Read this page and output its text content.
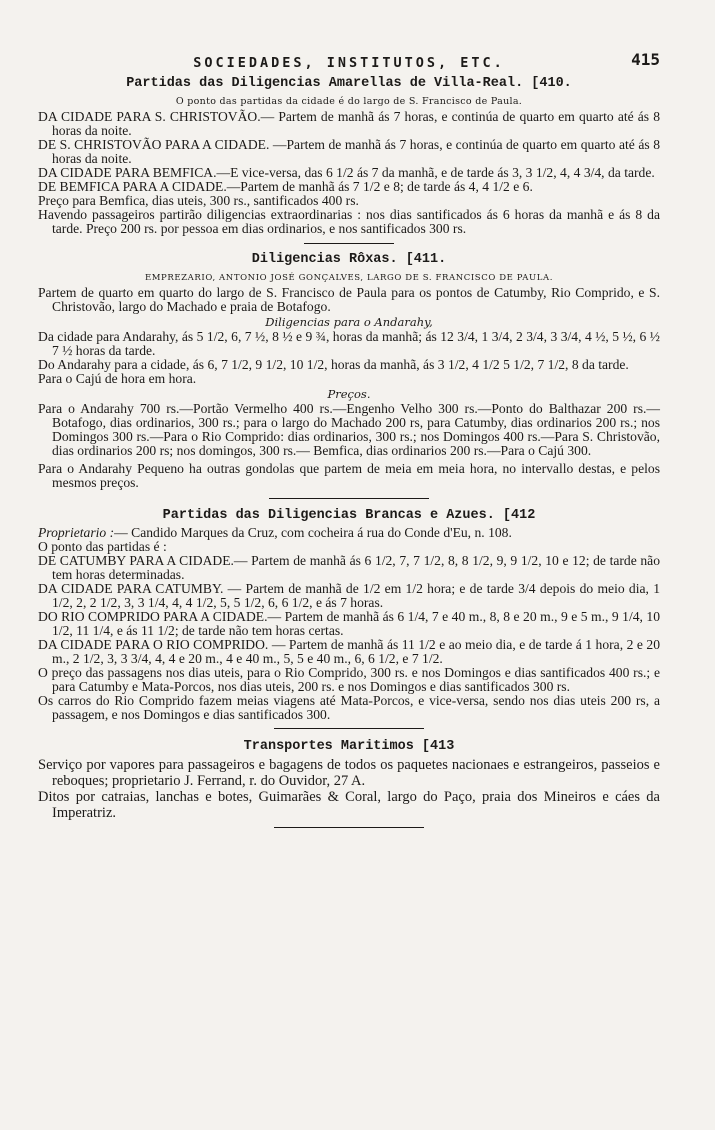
SOCIEDADES, INSTITUTOS, ETC.	415
Partidas das Diligencias Amarellas de Villa-Real. [410.

O ponto das partidas da cidade é do largo de S. Francisco de Paula.

DA CIDADE PARA S. CHRISTOVÃO.— Partem de manhã ás 7 horas, e continúa de quarto em quarto até ás 8 horas da noite.

DE S. CHRISTOVÃO PARA A CIDADE. —Partem de manhã ás 7 horas, e continúa de quarto em quarto até ás 8 horas da noite.

DA CIDADE PARA BEMFICA.—E vice-versa, das 6 1/2 ás 7 da manhã, e de tarde ás 3, 3 1/2, 4, 4 3/4, da tarde.

DE BEMFICA PARA A CIDADE.—Partem de manhã ás 7 1/2 e 8; de tarde ás 4, 4 1/2 e 6.

Preço para Bemfica, dias uteis, 300 rs., santificados 400 rs.

Havendo passageiros partirão diligencias extraordinarias : nos dias santificados ás 6 horas da manhã e ás 8 da tarde. Preço 200 rs. por pessoa em dias ordinarios, e nos santificados 300 rs.

Diligencias Rôxas. [411.

EMPREZARIO, ANTONIO JOSÉ GONÇALVES, LARGO DE S. FRANCISCO DE PAULA.

Partem de quarto em quarto do largo de S. Francisco de Paula para os pontos de Catumby, Rio Comprido, e S. Christovão, largo do Machado e praia de Botafogo.

Diligencias para o Andarahy,

Da cidade para Andarahy, ás 5 1/2, 6, 7 ½, 8 ½ e 9 ¾, horas da manhã; ás 12 3/4, 1 3/4, 2 3/4, 3 3/4, 4 ½, 5 ½, 6 ½ 7 ½ horas da tarde.

Do Andarahy para a cidade, ás 6, 7 1/2, 9 1/2, 10 1/2, horas da manhã, ás 3 1/2, 4 1/2 5 1/2, 7 1/2, 8 da tarde.

Para o Cajú de hora em hora.

Preços.

Para o Andarahy 700 rs.—Portão Vermelho 400 rs.—Engenho Velho 300 rs.—Ponto do Balthazar 200 rs.—Botafogo, dias ordinarios, 300 rs.; para o largo do Machado 200 rs, para Catumby, dias ordinarios 200 rs.; nos Domingos 300 rs.—Para o Rio Comprido: dias ordinarios, 300 rs.; nos Domingos 400 rs.—Para S. Christovão, dias ordinarios 200 rs; nos domingos, 300 rs.— Bemfica, dias ordinarios 200 rs.—Para o Cajú 300.

Para o Andarahy Pequeno ha outras gondolas que partem de meia em meia hora, no intervallo destas, e pelos mesmos preços.

Partidas das Diligencias Brancas e Azues. [412

Proprietario :— Candido Marques da Cruz, com cocheira á rua do Conde d'Eu, n. 108.

O ponto das partidas é :

DE CATUMBY PARA A CIDADE.— Partem de manhã ás 6 1/2, 7, 7 1/2, 8, 8 1/2, 9, 9 1/2, 10 e 12; de tarde não tem horas determinadas.

DA CIDADE PARA CATUMBY. — Partem de manhã de 1/2 em 1/2 hora; e de tarde 3/4 depois do meio dia, 1 1/2, 2, 2 1/2, 3, 3 1/4, 4, 4 1/2, 5, 5 1/2, 6, 6 1/2, e ás 7 horas.

DO RIO COMPRIDO PARA A CIDADE.— Partem de manhã ás 6 1/4, 7 e 40 m., 8, 8 e 20 m., 9 e 5 m., 9 1/4, 10 1/2, 11 1/4, e ás 11 1/2; de tarde não tem horas certas.

DA CIDADE PARA O RIO COMPRIDO. — Partem de manhã ás 11 1/2 e ao meio dia, e de tarde á 1 hora, 2 e 20 m., 2 1/2, 3, 3 3/4, 4, 4 e 20 m., 4 e 40 m., 5, 5 e 40 m., 6, 6 1/2, e 7 1/2.

O preço das passagens nos dias uteis, para o Rio Comprido, 300 rs. e nos Domingos e dias santificados 400 rs.; e para Catumby e Mata-Porcos, nos dias uteis, 200 rs. e nos Domingos e dias santificados 300 rs.

Os carros do Rio Comprido fazem meias viagens até Mata-Porcos, e vice-versa, sendo nos dias uteis 200 rs, a passagem, e nos Domingos e dias santificados 300.

Transportes Maritimos [413

Serviço por vapores para passageiros e bagagens de todos os paquetes nacionaes e estrangeiros, passeios e reboques; proprietario J. Ferrand, r. do Ouvidor, 27 A.

Ditos por catraias, lanchas e botes, Guimarães & Coral, largo do Paço, praia dos Mineiros e cáes da Imperatriz.
